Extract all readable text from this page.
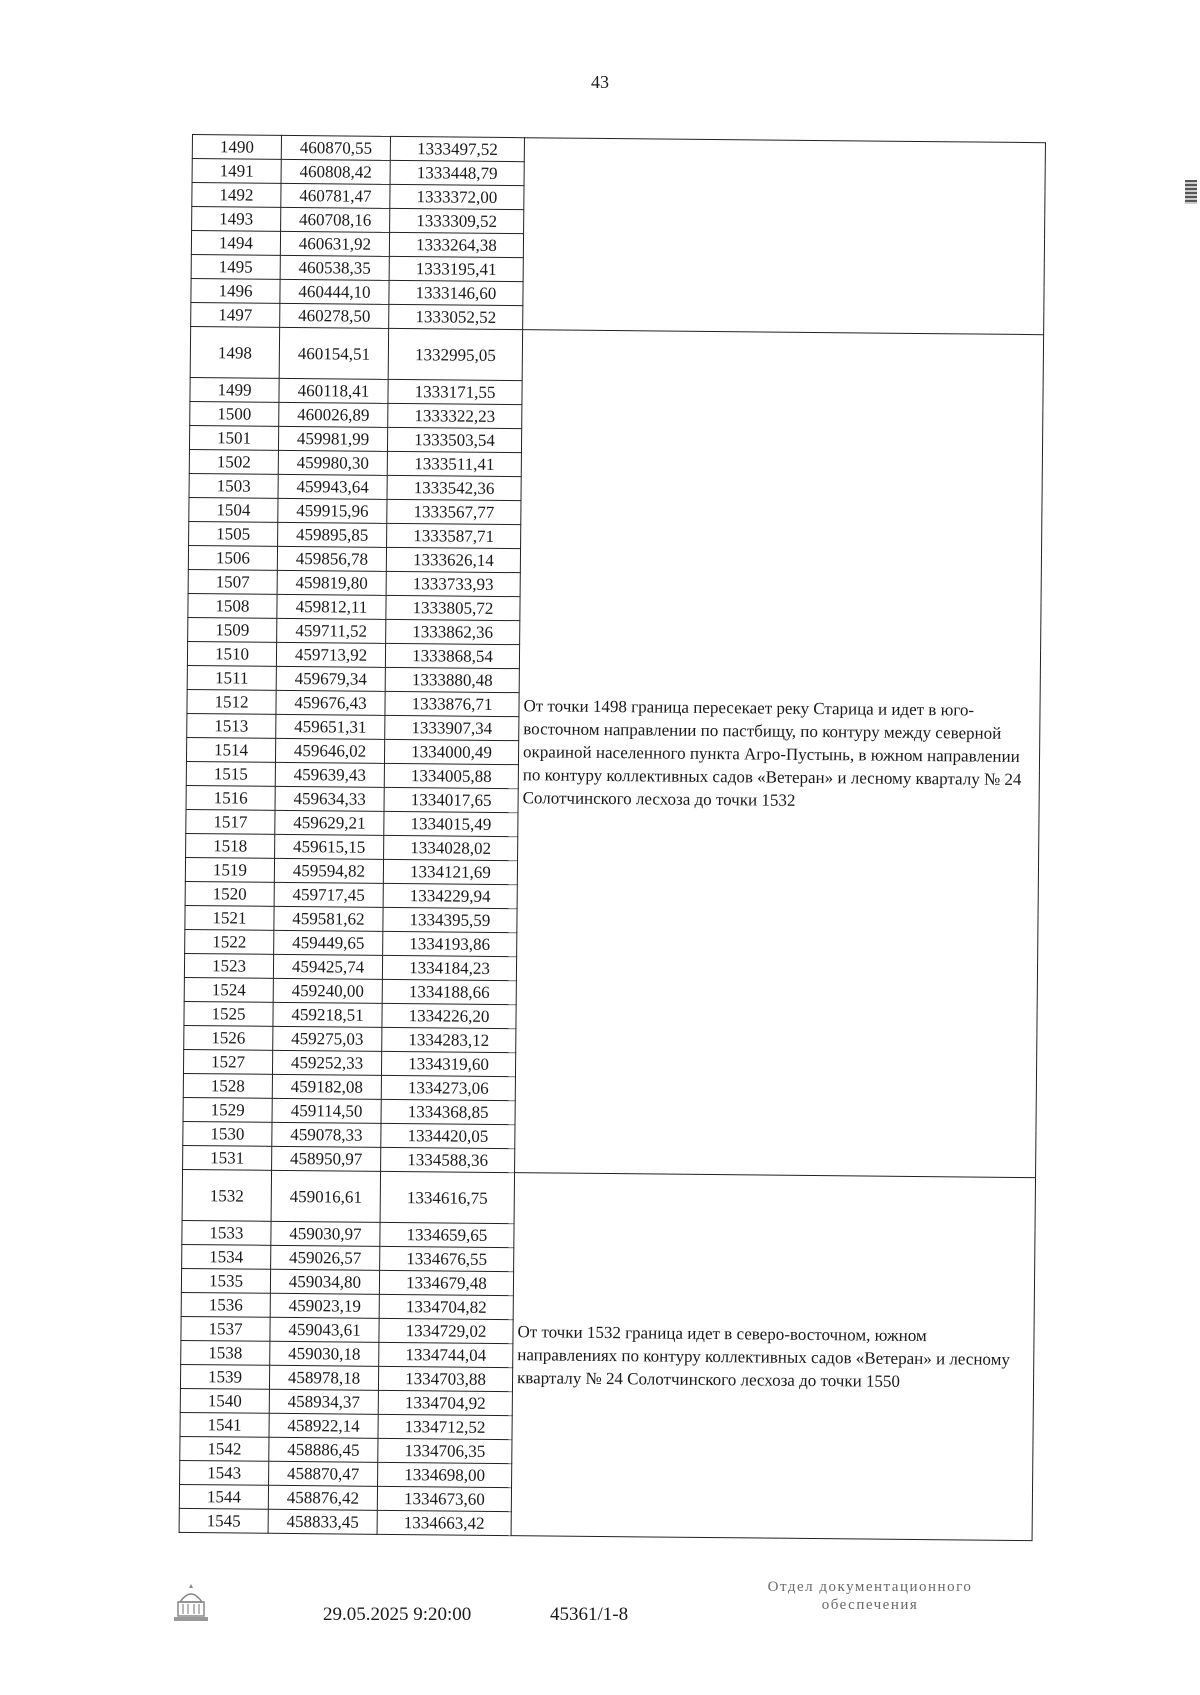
43
1490	460870,55	1333497,52	
1491	460808,42	1333448,79	
1492	460781,47	1333372,00	
1493	460708,16	1333309,52	
1494	460631,92	1333264,38	
1495	460538,35	1333195,41	
1496	460444,10	1333146,60	
1497	460278,50	1333052,52	
1498	460154,51	1332995,05	От точки 1498 граница пересекает реку Старица и идет в юго-восточном направлении по пастбищу, по контуру между северной окраиной населенного пункта Агро-Пустынь, в южном направлении по контуру коллективных садов «Ветеран» и лесному кварталу № 24 Солотчинского лесхоза до точки 1532
1499	460118,41	1333171,55	
1500	460026,89	1333322,23	
1501	459981,99	1333503,54	
1502	459980,30	1333511,41	
1503	459943,64	1333542,36	
1504	459915,96	1333567,77	
1505	459895,85	1333587,71	
1506	459856,78	1333626,14	
1507	459819,80	1333733,93	
1508	459812,11	1333805,72	
1509	459711,52	1333862,36	
1510	459713,92	1333868,54	
1511	459679,34	1333880,48	
1512	459676,43	1333876,71	
1513	459651,31	1333907,34	
1514	459646,02	1334000,49	
1515	459639,43	1334005,88	
1516	459634,33	1334017,65	
1517	459629,21	1334015,49	
1518	459615,15	1334028,02	
1519	459594,82	1334121,69	
1520	459717,45	1334229,94	
1521	459581,62	1334395,59	
1522	459449,65	1334193,86	
1523	459425,74	1334184,23	
1524	459240,00	1334188,66	
1525	459218,51	1334226,20	
1526	459275,03	1334283,12	
1527	459252,33	1334319,60	
1528	459182,08	1334273,06	
1529	459114,50	1334368,85	
1530	459078,33	1334420,05	
1531	458950,97	1334588,36	
1532	459016,61	1334616,75	От точки 1532 граница идет в северо-восточном, южном направлениях по контуру коллективных садов «Ветеран» и лесному кварталу № 24 Солотчинского лесхоза до точки 1550
1533	459030,97	1334659,65	
1534	459026,57	1334676,55	
1535	459034,80	1334679,48	
1536	459023,19	1334704,82	
1537	459043,61	1334729,02	
1538	459030,18	1334744,04	
1539	458978,18	1334703,88	
1540	458934,37	1334704,92	
1541	458922,14	1334712,52	
1542	458886,45	1334706,35	
1543	458870,47	1334698,00	
1544	458876,42	1334673,60	
1545	458833,45	1334663,42	
29.05.2025 9:20:00	45361/1-8
Отдел документационного
обеспечения
